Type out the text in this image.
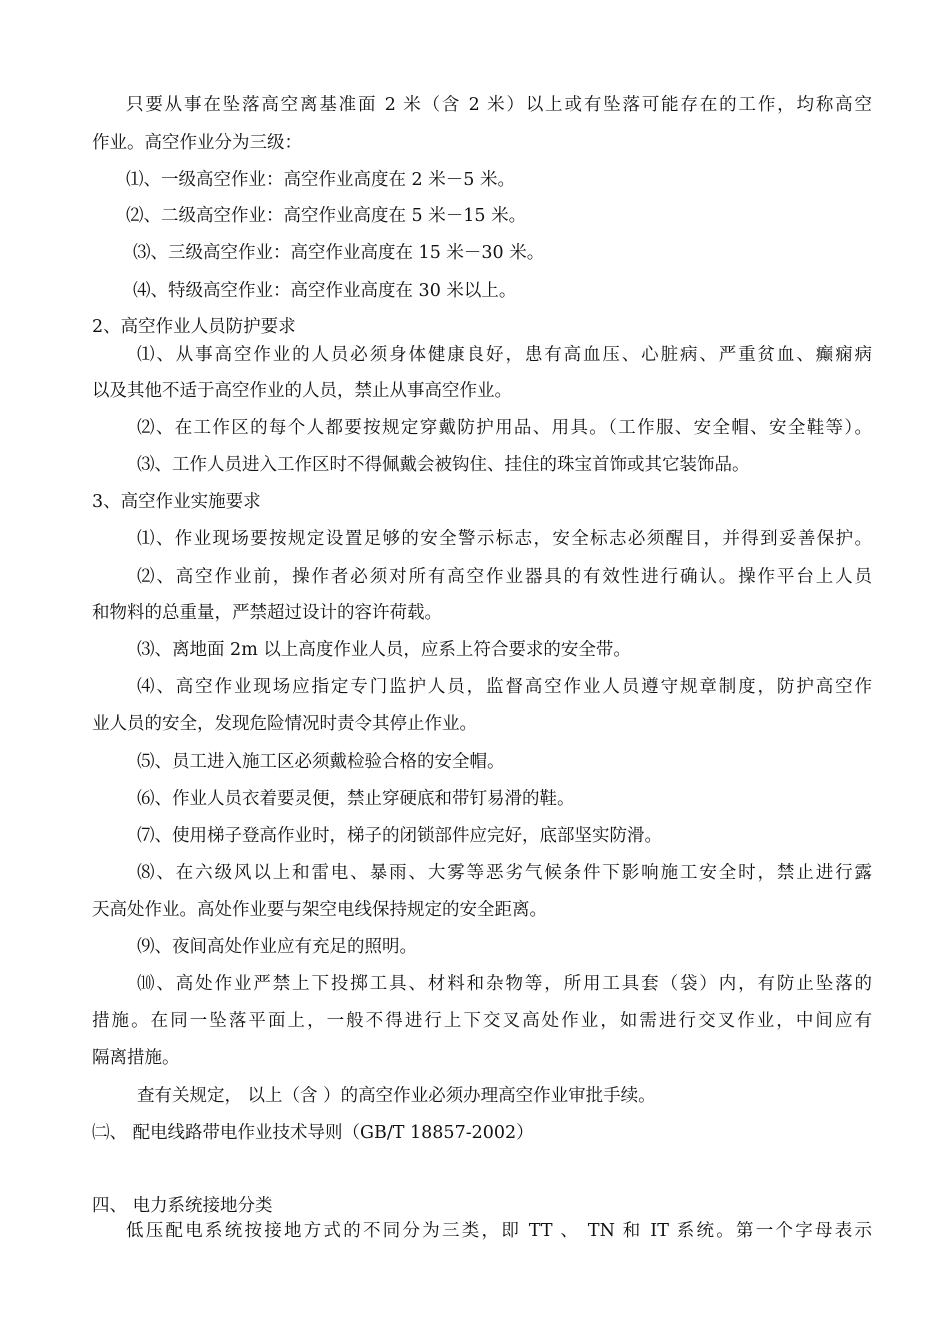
只要从事在坠落高空离基准面 2 米（含 2 米）以上或有坠落可能存在的工作，均称高空
作业。高空作业分为三级：
⑴、一级高空作业：高空作业高度在 2 米－5 米。
⑵、二级高空作业：高空作业高度在 5 米－15 米。
⑶、三级高空作业：高空作业高度在 15 米－30 米。
⑷、特级高空作业：高空作业高度在 30 米以上。
2、高空作业人员防护要求
⑴、从事高空作业的人员必须身体健康良好，患有高血压、心脏病、严重贫血、癫痫病
以及其他不适于高空作业的人员，禁止从事高空作业。
⑵、在工作区的每个人都要按规定穿戴防护用品、用具。（工作服、安全帽、安全鞋等）。
⑶、工作人员进入工作区时不得佩戴会被钩住、挂住的珠宝首饰或其它装饰品。
3、高空作业实施要求
⑴、作业现场要按规定设置足够的安全警示标志，安全标志必须醒目，并得到妥善保护。
⑵、高空作业前，操作者必须对所有高空作业器具的有效性进行确认。操作平台上人员
和物料的总重量，严禁超过设计的容许荷载。
⑶、离地面 2m 以上高度作业人员，应系上符合要求的安全带。
⑷、高空作业现场应指定专门监护人员，监督高空作业人员遵守规章制度，防护高空作
业人员的安全，发现危险情况时责令其停止作业。
⑸、员工进入施工区必须戴检验合格的安全帽。
⑹、作业人员衣着要灵便，禁止穿硬底和带钉易滑的鞋。
⑺、使用梯子登高作业时，梯子的闭锁部件应完好，底部坚实防滑。
⑻、在六级风以上和雷电、暴雨、大雾等恶劣气候条件下影响施工安全时，禁止进行露
天高处作业。高处作业要与架空电线保持规定的安全距离。
⑼、夜间高处作业应有充足的照明。
⑽、高处作业严禁上下投掷工具、材料和杂物等，所用工具套（袋）内，有防止坠落的
措施。在同一坠落平面上，一般不得进行上下交叉高处作业，如需进行交叉作业，中间应有
隔离措施。
查有关规定， 以上（含 ）的高空作业必须办理高空作业审批手续。
㈡、 配电线路带电作业技术导则（GB/T 18857-2002）
四、 电力系统接地分类
低压配电系统按接地方式的不同分为三类，即 TT 、 TN 和 IT 系统。第一个字母表示
